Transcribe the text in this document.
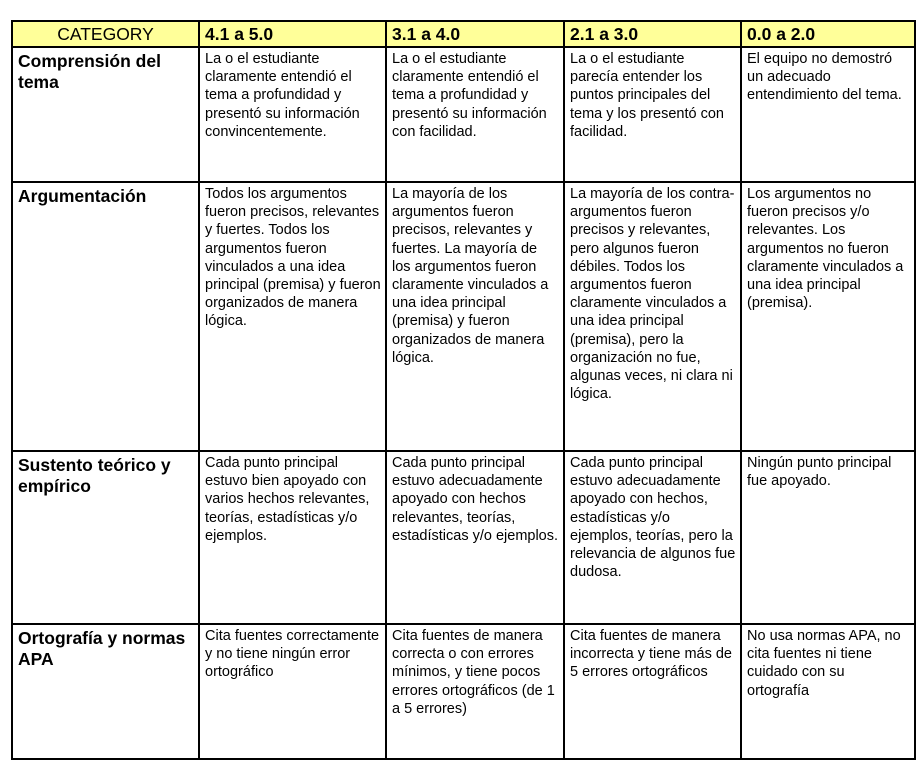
CATEGORY	4.1 a 5.0	3.1 a 4.0	2.1 a 3.0	0.0 a 2.0
Comprensión del tema	La o el estudiante claramente entendió el tema a profundidad y presentó su información convincentemente.	La o el estudiante claramente entendió el tema a profundidad y presentó su información con facilidad.	La o el estudiante parecía entender los puntos principales del tema y los presentó con facilidad.	El equipo no demostró un adecuado entendimiento del tema.
Argumentación	Todos los argumentos fueron precisos, relevantes y fuertes. Todos los argumentos fueron vinculados a una idea principal (premisa) y fueron organizados de manera lógica.	La mayoría de los argumentos fueron precisos, relevantes y fuertes. La mayoría de los argumentos fueron claramente vinculados a una idea principal (premisa) y fueron organizados de manera lógica.	La mayoría de los contra-argumentos fueron precisos y relevantes, pero algunos fueron débiles. Todos los argumentos fueron claramente vinculados a una idea principal (premisa), pero la organización no fue, algunas veces, ni clara ni lógica.	Los argumentos no fueron precisos y/o relevantes. Los argumentos no fueron claramente vinculados a una idea principal (premisa).
Sustento teórico y empírico	Cada punto principal estuvo bien apoyado con varios hechos relevantes, teorías, estadísticas y/o ejemplos.	Cada punto principal estuvo adecuadamente apoyado con hechos relevantes, teorías, estadísticas y/o ejemplos.	Cada punto principal estuvo adecuadamente apoyado con hechos, estadísticas y/o ejemplos, teorías, pero la relevancia de algunos fue dudosa.	Ningún punto principal fue apoyado.
Ortografía y normas APA	Cita fuentes correctamente y no tiene ningún error ortográfico	Cita fuentes de manera correcta o con errores mínimos, y tiene pocos errores ortográficos (de 1 a 5 errores)	Cita fuentes de manera incorrecta y tiene más de 5 errores ortográficos	No usa normas APA, no cita fuentes ni tiene cuidado con su ortografía
